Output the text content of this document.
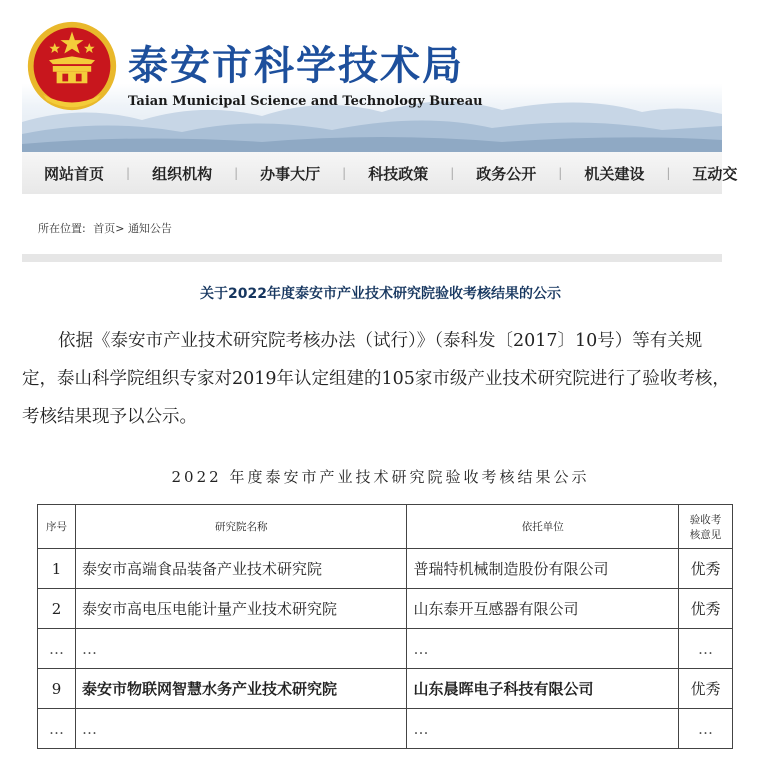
泰安市科学技术局
Taian Municipal Science and Technology Bureau
网站首页	|	组织机构	|	办事大厅	|	科技政策	|	政务公开	|	机关建设	|	互动交
所在位置: 首页> 通知公告
关于2022年度泰安市产业技术研究院验收考核结果的公示

依据《泰安市产业技术研究院考核办法（试行）》（泰科发〔2017〕10号）等有关规定，泰山科学院组织专家对2019年认定组建的105家市级产业技术研究院进行了验收考核，考核结果现予以公示。

2022 年度泰安市产业技术研究院验收考核结果公示
序号	研究院名称	依托单位	验收考核意见
1	泰安市高端食品装备产业技术研究院	普瑞特机械制造股份有限公司	优秀
2	泰安市高电压电能计量产业技术研究院	山东泰开互感器有限公司	优秀
…	…	…	…
9	泰安市物联网智慧水务产业技术研究院	山东晨晖电子科技有限公司	优秀
…	…	…	…
